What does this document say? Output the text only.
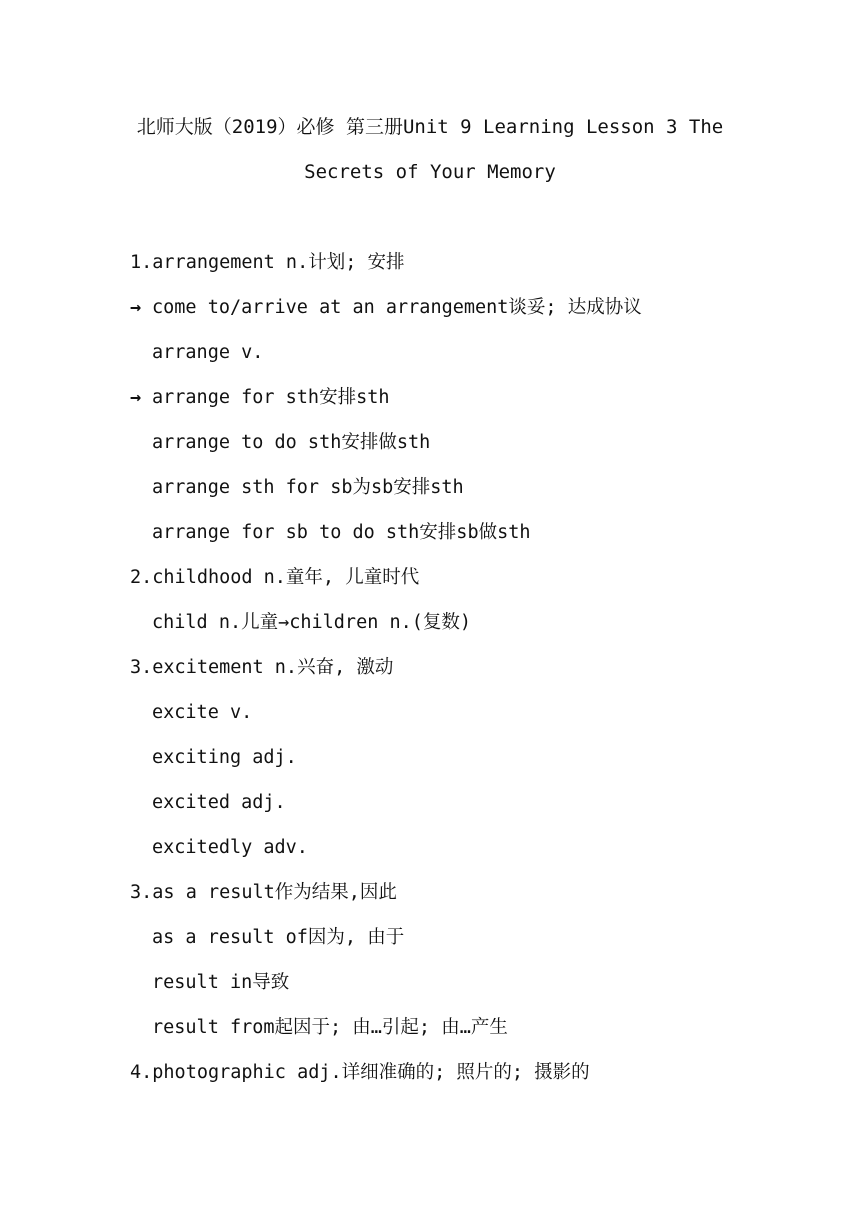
北师大版（2019）必修 第三册Unit 9 Learning Lesson 3 The
Secrets of Your Memory
1.arrangement n.计划; 安排
→ come to/arrive at an arrangement谈妥; 达成协议
arrange v.
→ arrange for sth安排sth
arrange to do sth安排做sth
arrange sth for sb为sb安排sth
arrange for sb to do sth安排sb做sth
2.childhood n.童年, 儿童时代
child n.儿童→children n.(复数)
3.excitement n.兴奋, 激动
excite v.
exciting adj.
excited adj.
excitedly adv.
3.as a result作为结果,因此
as a result of因为, 由于
result in导致
result from起因于; 由…引起; 由…产生
4.photographic adj.详细准确的; 照片的; 摄影的
